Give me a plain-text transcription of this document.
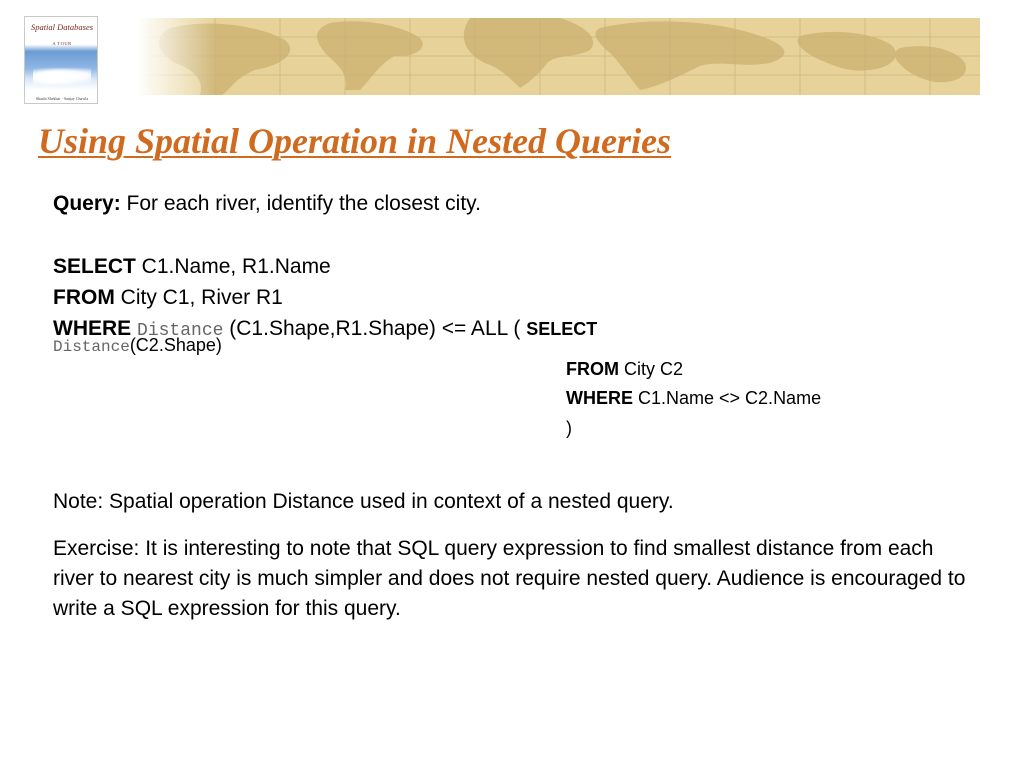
Spatial Databases
A TOUR
Shashi Shekhar · Sanjay Chawla
Using Spatial Operation in Nested Queries
Query: For each river, identify the closest city.
SELECT C1.Name, R1.Name
FROM City C1, River R1
WHERE Distance (C1.Shape,R1.Shape) <= ALL ( SELECT
Distance(C2.Shape)
FROM City C2
WHERE C1.Name <> C2.Name
)
Note: Spatial operation Distance used in context of a nested query.
Exercise: It is interesting to note that SQL query expression to find smallest distance from each river to nearest city is much simpler and does not require nested query. Audience is encouraged to write a SQL expression for this query.
